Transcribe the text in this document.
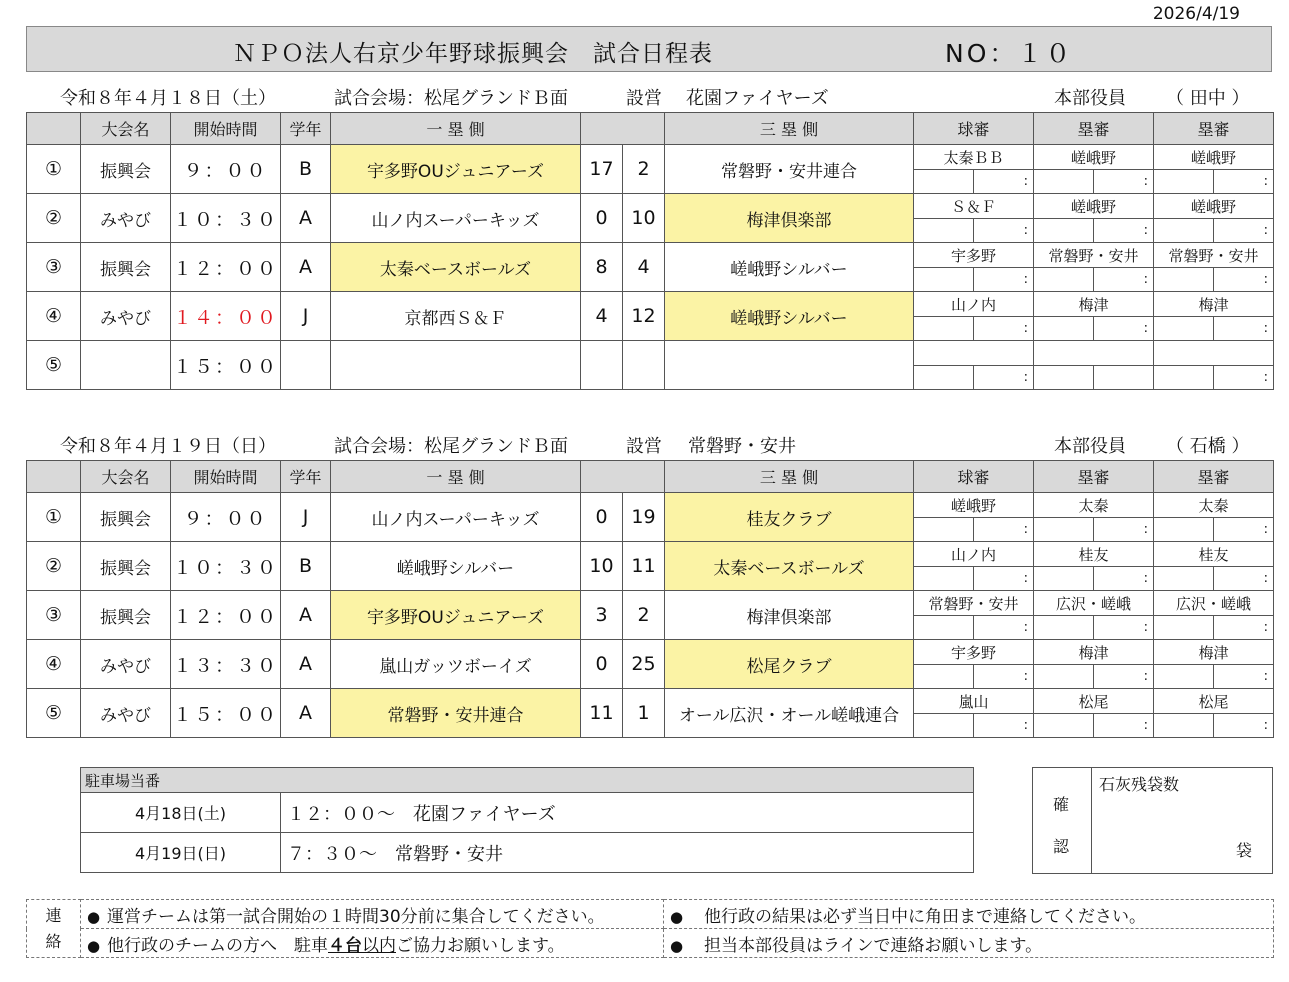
2026/4/19
ＮＰＯ法人右京少年野球振興会　試合日程表	NO：１０
令和８年４月１８日（土）	試合会場：松尾グランドＢ面	設営 花園ファイヤーズ	本部役員 （ 田中 ）
	大会名	開始時間	学年	一 塁 側			三 塁 側	球審		塁審		塁審	
①	振興会	９：００	B	宇多野OUジュニアーズ	17	2	常磐野・安井連合	太秦ＢＢ		嵯峨野		嵯峨野	
									:		:		:
②	みやび	１０：３０	A	山ノ内スーパーキッズ	0	10	梅津倶楽部	Ｓ＆Ｆ		嵯峨野		嵯峨野	
									:		:		:
③	振興会	１２：００	A	太秦ベースボールズ	8	4	嵯峨野シルバー	宇多野		常磐野・安井		常磐野・安井	
									:		:		:
④	みやび	１４：００	J	京都西Ｓ＆Ｆ	4	12	嵯峨野シルバー	山ノ内		梅津		梅津	
									:		:		:
⑤		１５：００											
									:				:
令和８年４月１９日（日）	試合会場：松尾グランドＢ面	設営 常磐野・安井	本部役員 （ 石橋 ）
	大会名	開始時間	学年	一 塁 側			三 塁 側	球審		塁審		塁審	
①	振興会	９：００	J	山ノ内スーパーキッズ	0	19	桂友クラブ	嵯峨野		太秦		太秦	
									:		:		:
②	振興会	１０：３０	B	嵯峨野シルバー	10	11	太秦ベースボールズ	山ノ内		桂友		桂友	
									:		:		:
③	振興会	１２：００	A	宇多野OUジュニアーズ	3	2	梅津倶楽部	常磐野・安井		広沢・嵯峨		広沢・嵯峨	
									:		:		:
④	みやび	１３：３０	A	嵐山ガッツボーイズ	0	25	松尾クラブ	宇多野		梅津		梅津	
									:		:		:
⑤	みやび	１５：００	A	常磐野・安井連合	11	1	オール広沢・オール嵯峨連合	嵐山		松尾		松尾	
									:		:		:
駐車場当番	
4月18日(土)	１２：００～　花園ファイヤーズ
4月19日(日)	７：３０～　常磐野・安井
確
認
石灰残袋数
袋
連
絡	● 運営チームは第一試合開始の１時間30分前に集合してください。	● 他行政の結果は必ず当日中に角田まで連絡してください。
	● 他行政のチームの方へ　駐車４台以内ご協力お願いします。	● 担当本部役員はラインで連絡お願いします。
